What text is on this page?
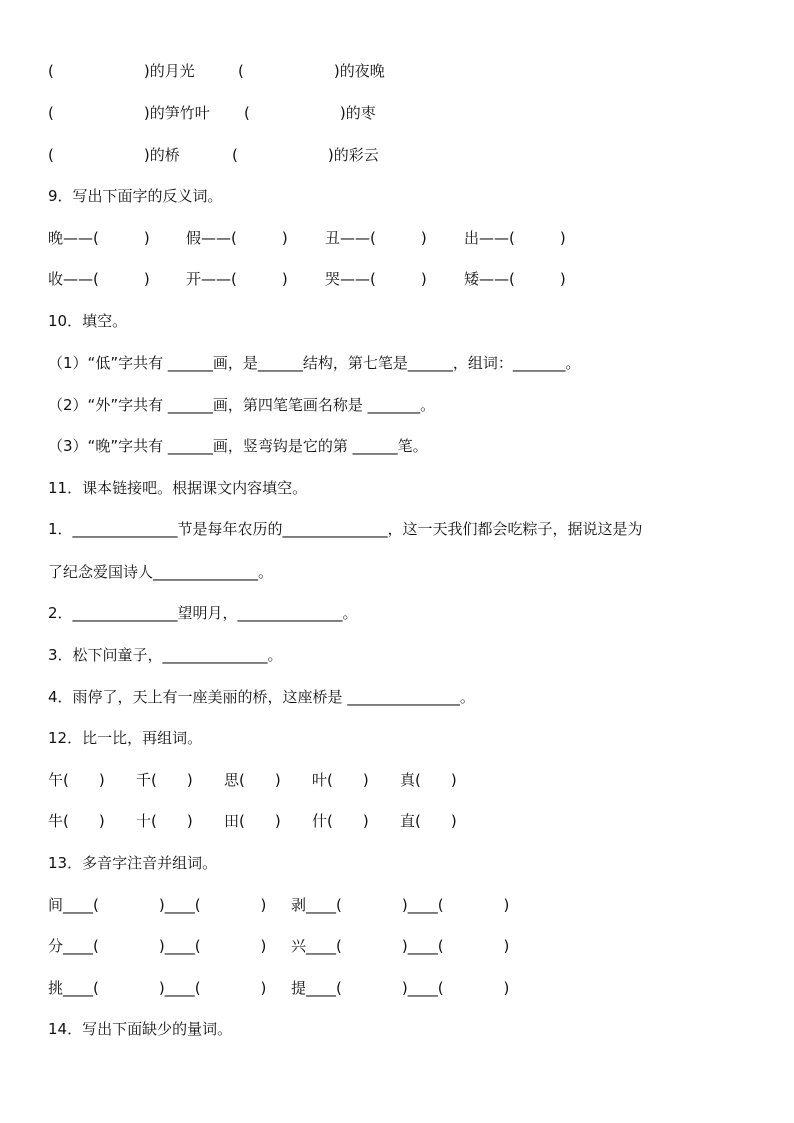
(　　　　　　)的月光	(　　　　　　)的夜晚
(　　　　　　)的笋竹叶 (　　　　　　)的枣
(　　　　　　)的桥	(　　　　　　)的彩云
9．写出下面字的反义词。
晚——(　　　) 假——(　　　) 丑——(　　　) 出——(　　　)
收——(　　　) 开——(　　　) 哭——(　　　) 矮——(　　　)
10．填空。
（1）“低”字共有 ______画，是______结构，第七笔是______，组词：_______。
（2）“外”字共有 ______画，第四笔笔画名称是 _______。
（3）“晚”字共有 ______画，竖弯钩是它的第 ______笔。
11．课本链接吧。根据课文内容填空。
1．______________节是每年农历的______________，这一天我们都会吃粽子，据说这是为
了纪念爱国诗人______________。
2．______________望明月，______________。
3．松下问童子，______________。
4．雨停了，天上有一座美丽的桥，这座桥是 _______________。
12．比一比，再组词。
午(　　) 千(　　) 思(　　) 叶(　　) 真(　　)
牛(　　) 十(　　) 田(　　) 什(　　) 直(　　)
13．多音字注音并组词。
间____(　　　　)____(　　　　) 剥____(　　　　)____(　　　　)
分____(　　　　)____(　　　　) 兴____(　　　　)____(　　　　)
挑____(　　　　)____(　　　　) 提____(　　　　)____(　　　　)
14．写出下面缺少的量词。
